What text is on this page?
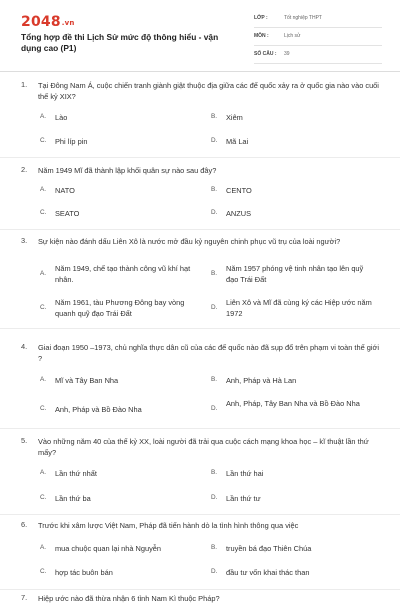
2048.vn
Tổng hợp đề thi Lịch Sử mức độ thông hiểu - vận dụng cao (P1)
LỚP :	Tốt nghiệp THPT
MÔN :	Lịch sử
SỐ CÂU : 39
1. Tại Đông Nam Á, cuộc chiến tranh giành giật thuộc địa giữa các đế quốc xảy ra ở quốc gia nào vào cuối thế kỷ XIX?
A. Lào	B. Xiêm
C. Phi líp pin	D. Mã Lai
2. Năm 1949 Mĩ đã thành lập khối quân sự nào sau đây?
A. NATO	B. CENTO
C. SEATO	D. ANZUS
3. Sự kiện nào đánh dấu Liên Xô là nước mở đầu kỷ nguyên chinh phục vũ trụ của loài người?
A.
Năm 1949, chế tạo thành công vũ khí hạt nhân.
B.
Năm 1957 phóng vệ tinh nhân tạo lên quỹ đạo Trái Đất
C.
Năm 1961, tàu Phương Đông bay vòng quanh quỹ đạo Trái Đất
D.
Liên Xô và Mĩ đã cùng ký các Hiệp ước năm 1972
4. Giai đoạn 1950 –1973, chủ nghĩa thực dân cũ của các đế quốc nào đã sụp đổ trên phạm vi toàn thế giới ?
A. Mĩ và Tây Ban Nha	B. Anh, Pháp và Hà Lan
C. Anh, Pháp và Bồ Đào Nha	D.
Anh, Pháp, Tây Ban Nha và Bồ Đào Nha
5. Vào những năm 40 của thế kỷ XX, loài người đã trải qua cuộc cách mạng khoa học – kĩ thuật lần thứ mấy?
A. Lần thứ nhất	B. Lần thứ hai
C. Lần thứ ba	D. Lần thứ tư
6. Trước khi xâm lược Việt Nam, Pháp đã tiến hành dò la tình hình thông qua việc
A. mua chuộc quan lại nhà Nguyễn	B. truyền bá đạo Thiên Chúa
C. hợp tác buôn bán	D. đầu tư vốn khai thác than
7. Hiệp ước nào đã thừa nhận 6 tỉnh Nam Kì thuộc Pháp?
